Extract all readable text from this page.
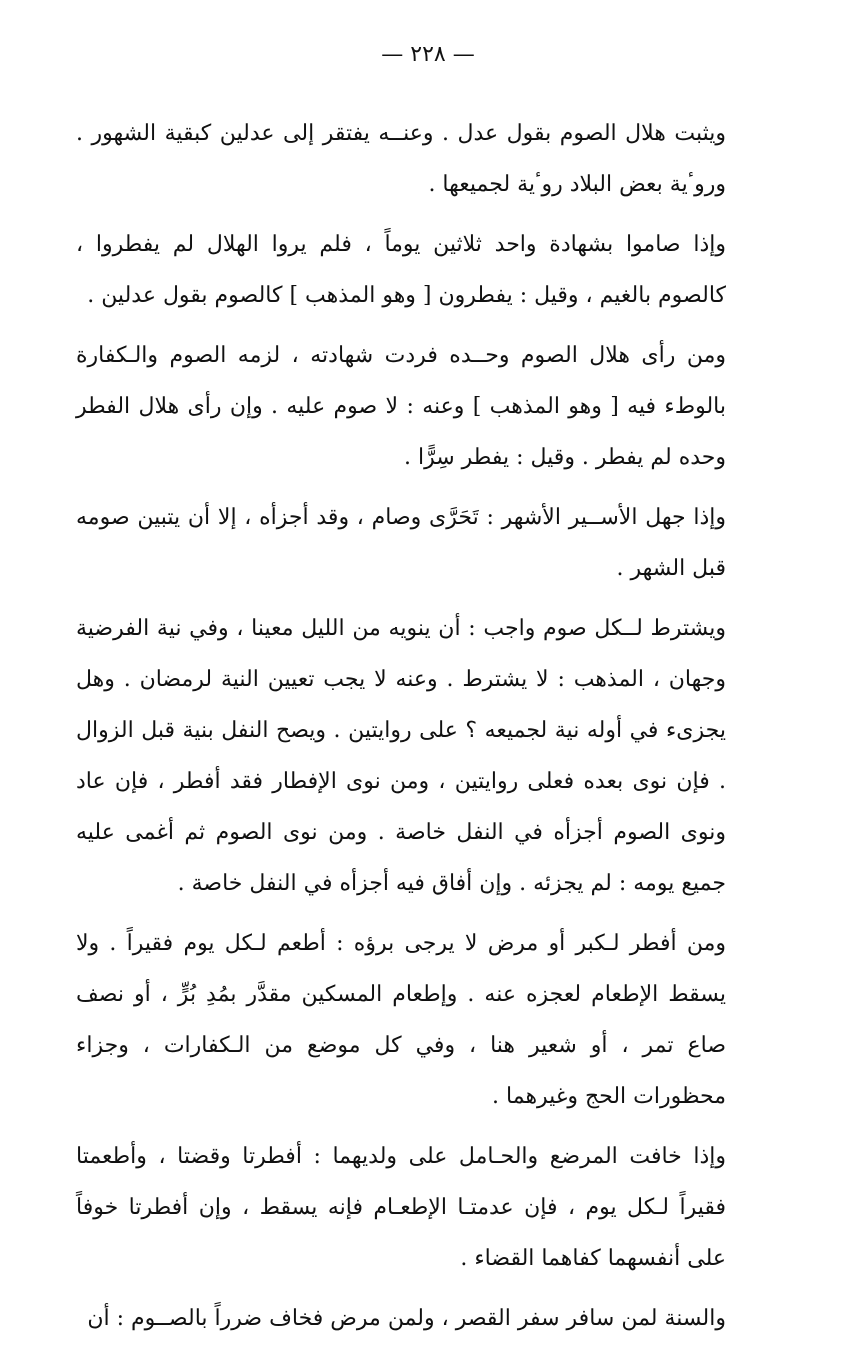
— ٢٢٨ —

ويثبت هلال الصوم بقول عدل . وعنــه يفتقر إلى عدلين كبقية الشهور . وروٴية بعض البلاد روٴية لجميعها .

وإذا صاموا بشهادة واحد ثلاثين يوماً ، فلم يروا الهلال لم يفطروا ، كالصوم بالغيم ، وقيل : يفطرون [ وهو المذهب ] كالصوم بقول عدلين .

ومن رأى هلال الصوم وحــده فردت شهادته ، لزمه الصوم والـكفارة بالوطء فيه [ وهو المذهب ] وعنه : لا صوم عليه . وإن رأى هلال الفطر وحده لم يفطر . وقيل : يفطر سِرًّا .

وإذا جهل الأســير الأشهر : تَحَرَّى وصام ، وقد أجزأه ، إلا أن يتبين صومه قبل الشهر .

ويشترط لــكل صوم واجب : أن ينويه من الليل معينا ، وفي نية الفرضية وجهان ، المذهب : لا يشترط . وعنه لا يجب تعيين النية لرمضان . وهل يجزىء في أوله نية لجميعه ؟ على روايتين . ويصح النفل بنية قبل الزوال . فإن نوى بعده فعلى روايتين ، ومن نوى الإفطار فقد أفطر ، فإن عاد ونوى الصوم أجزأه في النفل خاصة . ومن نوى الصوم ثم أغمى عليه جميع يومه : لم يجزئه . وإن أفاق فيه أجزأه في النفل خاصة .

ومن أفطر لـكبر أو مرض لا يرجى برؤه : أطعم لـكل يوم فقيراً . ولا يسقط الإطعام لعجزه عنه . وإطعام المسكين مقدَّر بمُدِ بُرٍّ ، أو نصف صاع تمر ، أو شعير هنا ، وفي كل موضع من الـكفارات ، وجزاء محظورات الحج وغيرهما .

وإذا خافت المرضع والحـامل على ولديهما : أفطرتا وقضتا ، وأطعمتا فقيراً لـكل يوم ، فإن عدمتـا الإطعـام فإنه يسقط ، وإن أفطرتا خوفاً على أنفسهما كفاهما القضاء .

والسنة لمن سافر سفر القصر ، ولمن مرض فخاف ضرراً بالصــوم : أن
